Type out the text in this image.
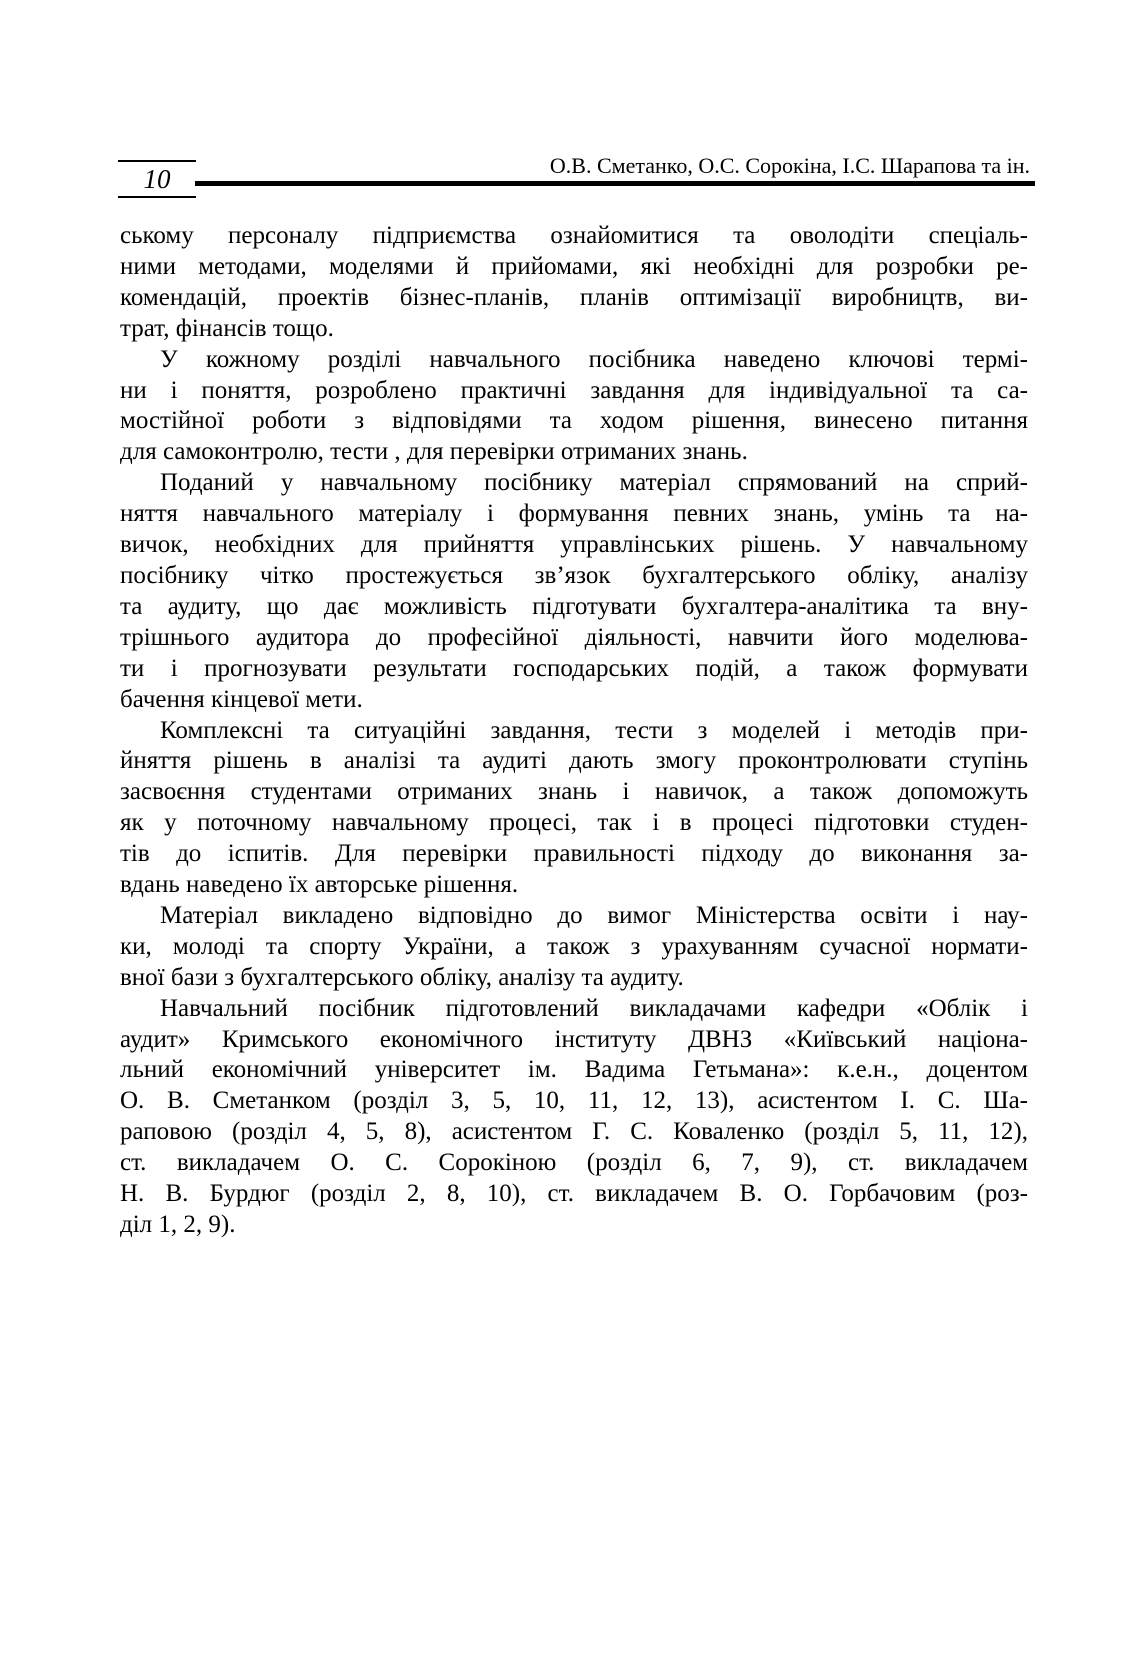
10	О.В. Сметанко, О.С. Сорокіна, І.С. Шарапова та ін.
ському персоналу підприємства ознайомитися та оволодіти спеціаль-
ними методами, моделями й прийомами, які необхідні для розробки ре-
комендацій, проектів бізнес-планів, планів оптимізації виробництв, ви-
трат, фінансів тощо.
У кожному розділі навчального посібника наведено ключові термі-
ни і поняття, розроблено практичні завдання для індивідуальної та са-
мостійної роботи з відповідями та ходом рішення, винесено питання
для самоконтролю, тести , для перевірки отриманих знань.
Поданий у навчальному посібнику матеріал спрямований на сприй-
няття навчального матеріалу і формування певних знань, умінь та на-
вичок, необхідних для прийняття управлінських рішень. У навчальному
посібнику чітко простежується зв’язок бухгалтерського обліку, аналізу
та аудиту, що дає можливість підготувати бухгалтера-аналітика та вну-
трішнього аудитора до професійної діяльності, навчити його моделюва-
ти і прогнозувати результати господарських подій, а також формувати
бачення кінцевої мети.
Комплексні та ситуаційні завдання, тести з моделей і методів при-
йняття рішень в аналізі та аудиті дають змогу проконтролювати ступінь
засвоєння студентами отриманих знань і навичок, а також допоможуть
як у поточному навчальному процесі, так і в процесі підготовки студен-
тів до іспитів. Для перевірки правильності підходу до виконання за-
вдань наведено їх авторське рішення.
Матеріал викладено відповідно до вимог Міністерства освіти і нау-
ки, молоді та спорту України, а також з урахуванням сучасної нормати-
вної бази з бухгалтерського обліку, аналізу та аудиту.
Навчальний посібник підготовлений викладачами кафедри «Облік і
аудит» Кримського економічного інституту ДВНЗ «Київський націона-
льний економічний університет ім. Вадима Гетьмана»: к.е.н., доцентом
О. В. Сметанком (розділ 3, 5, 10, 11, 12, 13), асистентом І. С. Ша-
раповою (розділ 4, 5, 8), асистентом Г. С. Коваленко (розділ 5, 11, 12),
ст. викладачем О. С. Сорокіною (розділ 6, 7, 9), ст. викладачем
Н. В. Бурдюг (розділ 2, 8, 10), ст. викладачем В. О. Горбачовим (роз-
діл 1, 2, 9).
